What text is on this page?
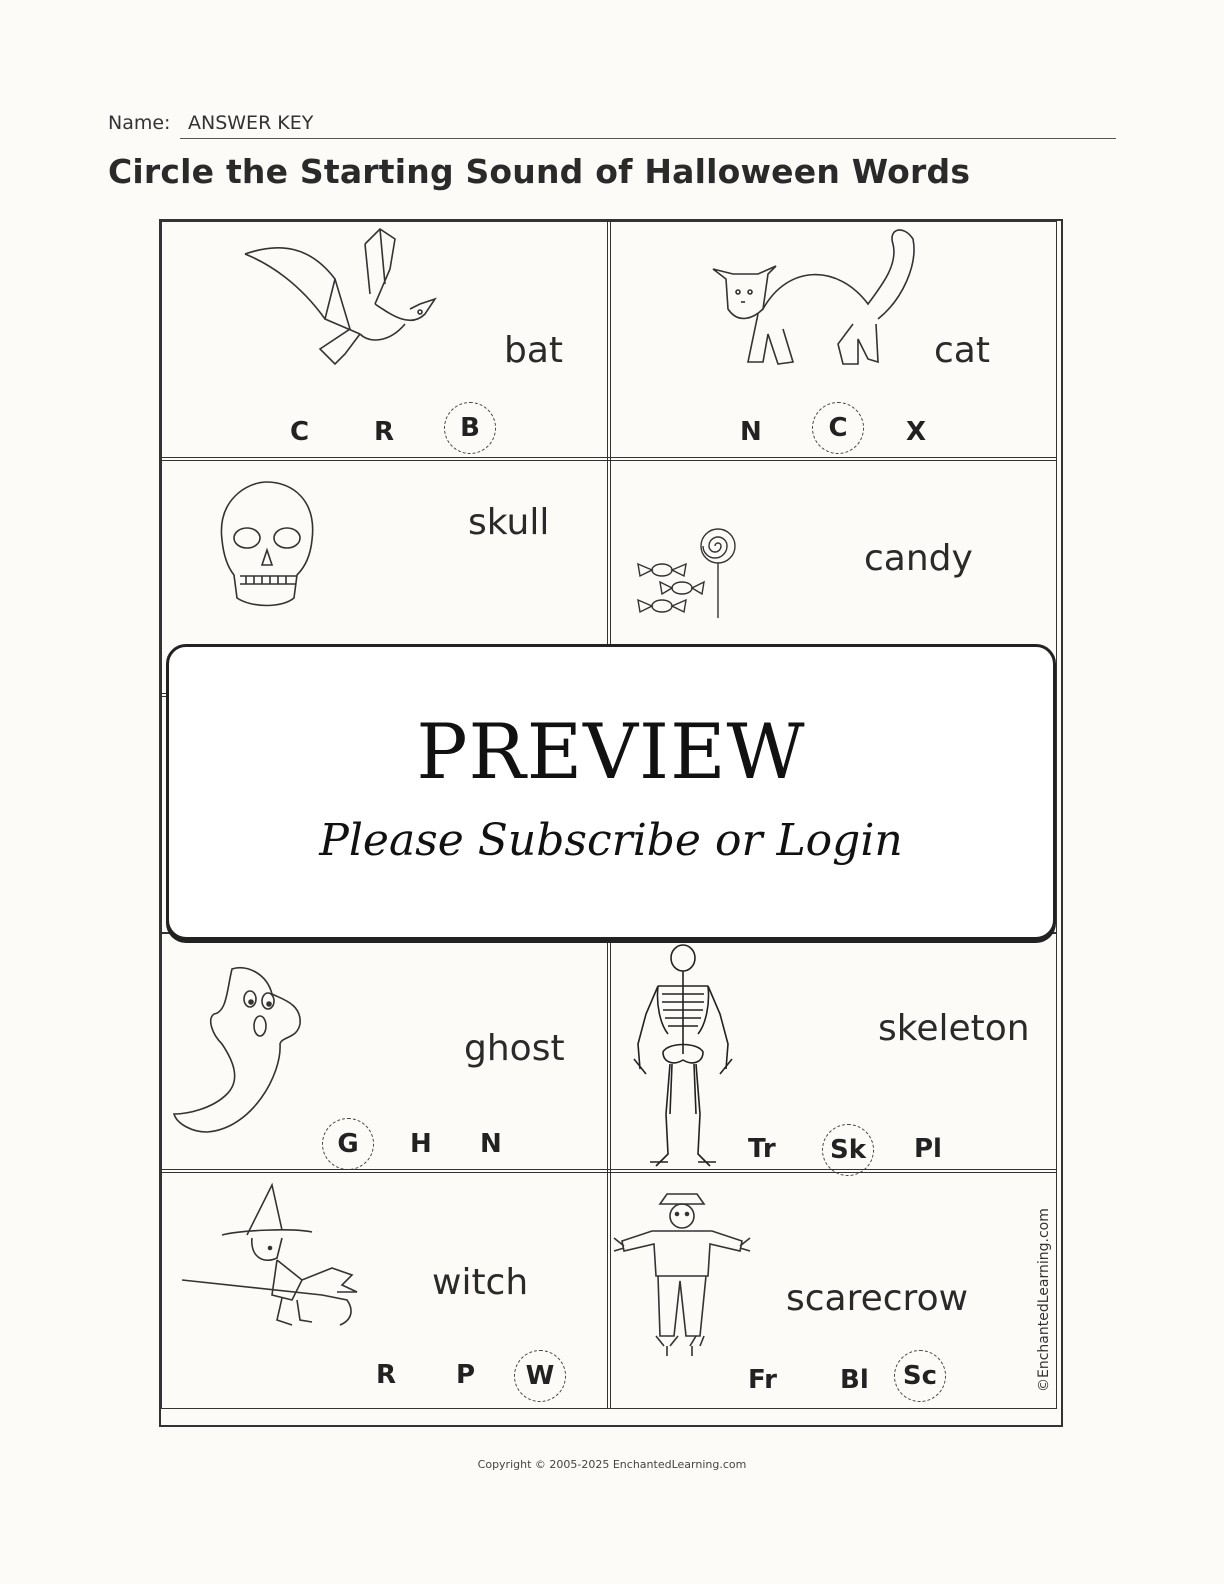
Name: ANSWER KEY
Circle the Starting Sound of Halloween Words
bat
C R	B
cat
N	C	X
skull
candy
ghost
G	H N
skeleton
Tr	Sk	Pl
witch
R P	W
scarecrow
Fr Bl	Sc
PREVIEW
Please Subscribe or Login
©EnchantedLearning.com
Copyright © 2005-2025 EnchantedLearning.com
